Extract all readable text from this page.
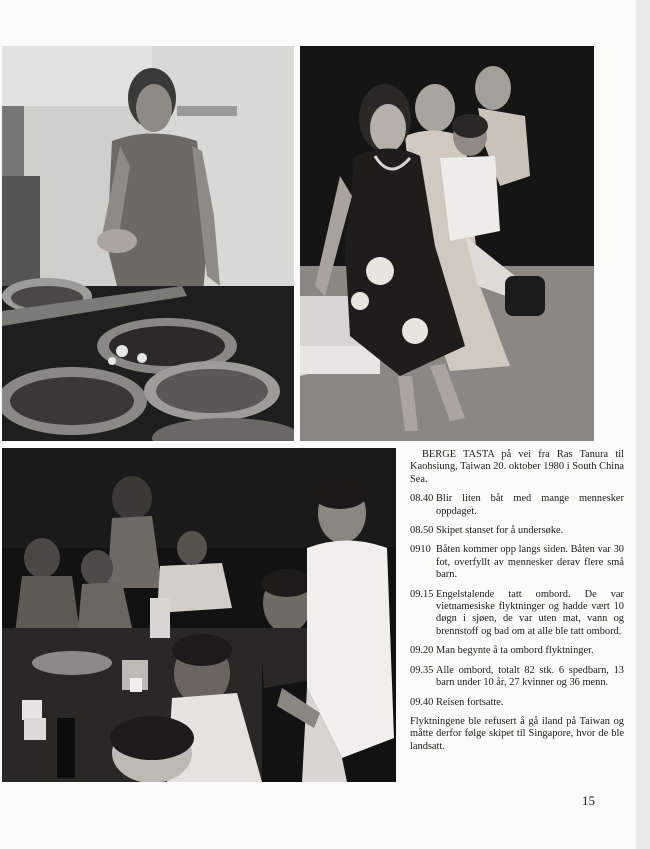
BERGE TASTA på vei fra Ras Tanura til Kaohsiung, Taiwan 20. oktober 1980 i South China Sea.

08.40 Blir liten båt med mange mennesker oppdaget.
08.50 Skipet stanset for å undersøke.
0910 Båten kommer opp langs siden. Båten var 30 fot, overfyllt av mennesker derav flere små barn.
09.15 Engelstalende tatt ombord. De var vietnamesiske flyktninger og hadde vært 10 døgn i sjøen, de var uten mat, vann og brennstoff og bad om at alle ble tatt ombord.
09.20 Man begynte å ta ombord flyktninger.
09.35 Alle ombord, totalt 82 stk. 6 spedbarn, 13 barn under 10 år, 27 kvinner og 36 menn.
09.40 Reisen fortsatte.

Flyktningene ble refusert å gå iland på Taiwan og måtte derfor følge skipet til Singapore, hvor de ble landsatt.

15
